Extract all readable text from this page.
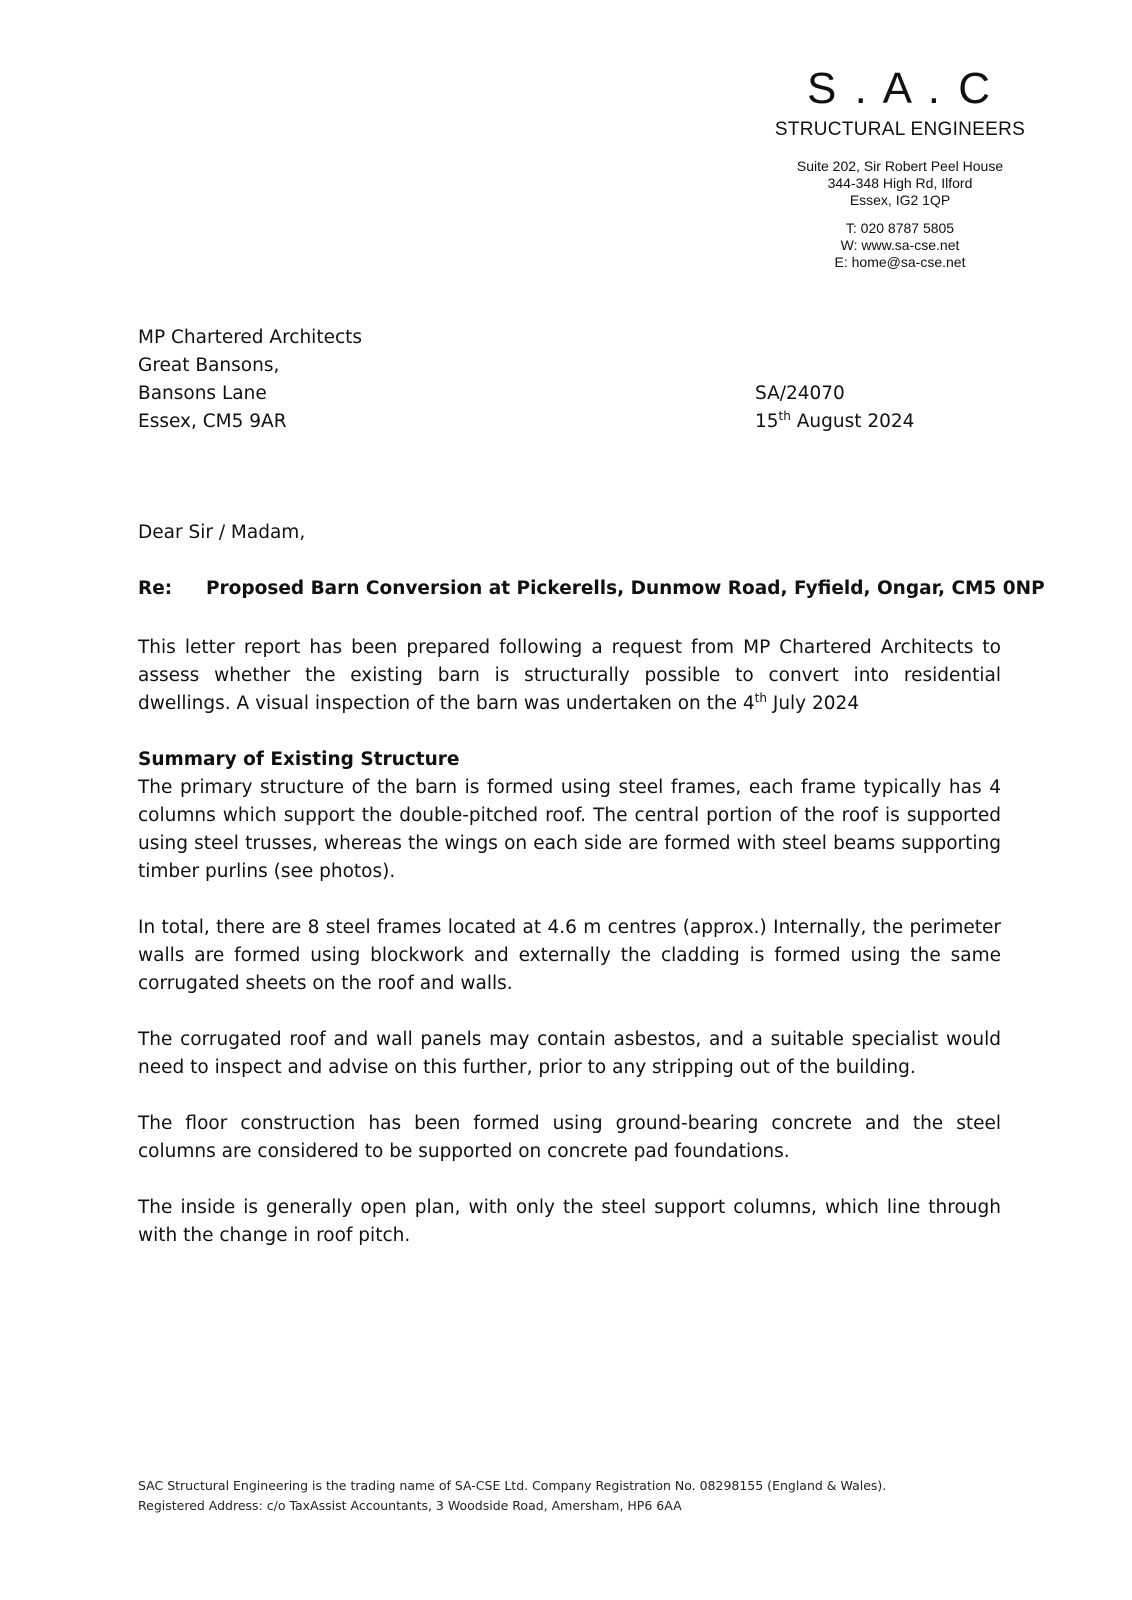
S . A . C
STRUCTURAL ENGINEERS
Suite 202, Sir Robert Peel House
344-348 High Rd, Ilford
Essex, IG2 1QP
T: 020 8787 5805
W: www.sa-cse.net
E: home@sa-cse.net
MP Chartered Architects
Great Bansons,
Bansons Lane
Essex, CM5 9AR
SA/24070
15th August 2024
Dear Sir / Madam,
Re: Proposed Barn Conversion at Pickerells, Dunmow Road, Fyfield, Ongar, CM5 0NP

This letter report has been prepared following a request from MP Chartered Architects to assess whether the existing barn is structurally possible to convert into residential dwellings. A visual inspection of the barn was undertaken on the 4th July 2024

Summary of Existing Structure

The primary structure of the barn is formed using steel frames, each frame typically has 4 columns which support the double-pitched roof. The central portion of the roof is supported using steel trusses, whereas the wings on each side are formed with steel beams supporting timber purlins (see photos).

In total, there are 8 steel frames located at 4.6 m centres (approx.) Internally, the perimeter walls are formed using blockwork and externally the cladding is formed using the same corrugated sheets on the roof and walls.

The corrugated roof and wall panels may contain asbestos, and a suitable specialist would need to inspect and advise on this further, prior to any stripping out of the building.

The floor construction has been formed using ground-bearing concrete and the steel columns are considered to be supported on concrete pad foundations.

The inside is generally open plan, with only the steel support columns, which line through with the change in roof pitch.

SAC Structural Engineering is the trading name of SA-CSE Ltd. Company Registration No. 08298155 (England & Wales).
Registered Address: c/o TaxAssist Accountants, 3 Woodside Road, Amersham, HP6 6AA
